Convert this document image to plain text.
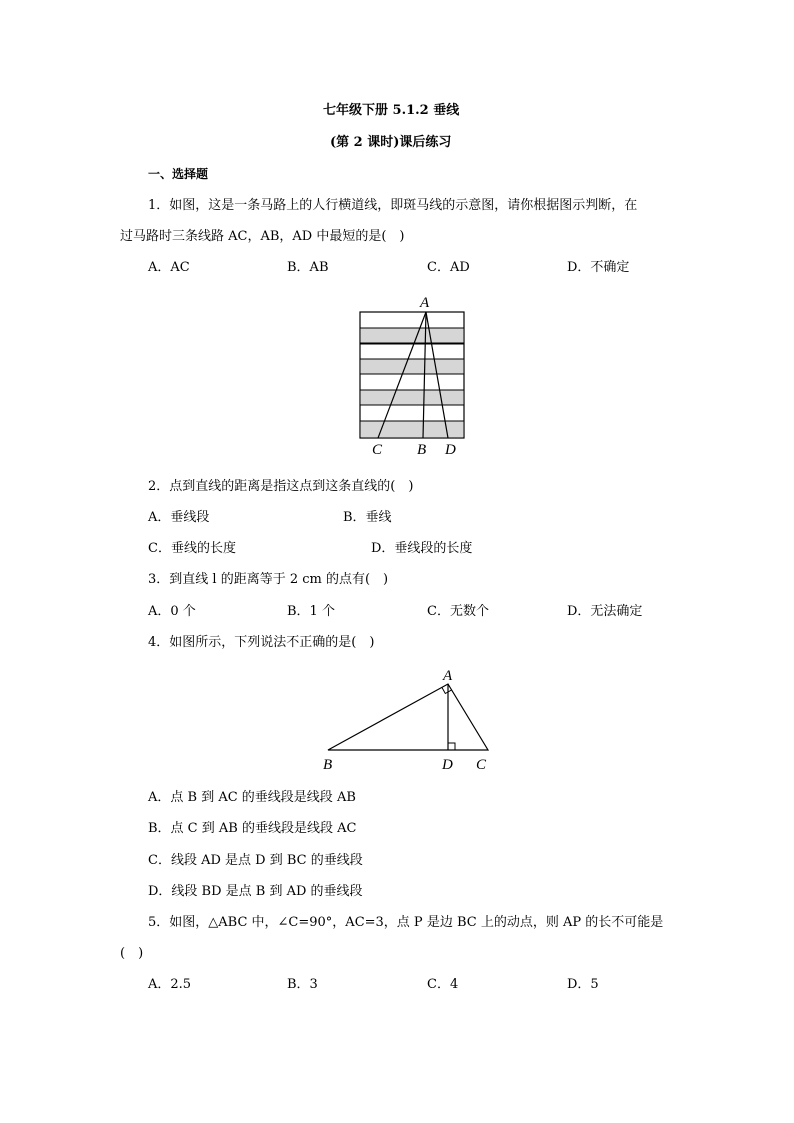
七年级下册 5.1.2 垂线
(第 2 课时)课后练习
一、选择题
1．如图，这是一条马路上的人行横道线，即斑马线的示意图，请你根据图示判断，在
过马路时三条线路 AC，AB，AD 中最短的是(　)
A．AC	B．AB	C．AD	D．不确定
A
C B D
2．点到直线的距离是指这点到这条直线的(　)
A．垂线段	B．垂线
C．垂线的长度	D．垂线段的长度
3．到直线 l 的距离等于 2 cm 的点有(　)
A．0 个	B．1 个	C．无数个	D．无法确定
4．如图所示，下列说法不正确的是(　)
A
B	D C
A．点 B 到 AC 的垂线段是线段 AB
B．点 C 到 AB 的垂线段是线段 AC
C．线段 AD 是点 D 到 BC 的垂线段
D．线段 BD 是点 B 到 AD 的垂线段
5．如图，△ABC 中，∠C=90°，AC=3，点 P 是边 BC 上的动点，则 AP 的长不可能是
(　)
A．2.5	B．3	C．4	D．5
